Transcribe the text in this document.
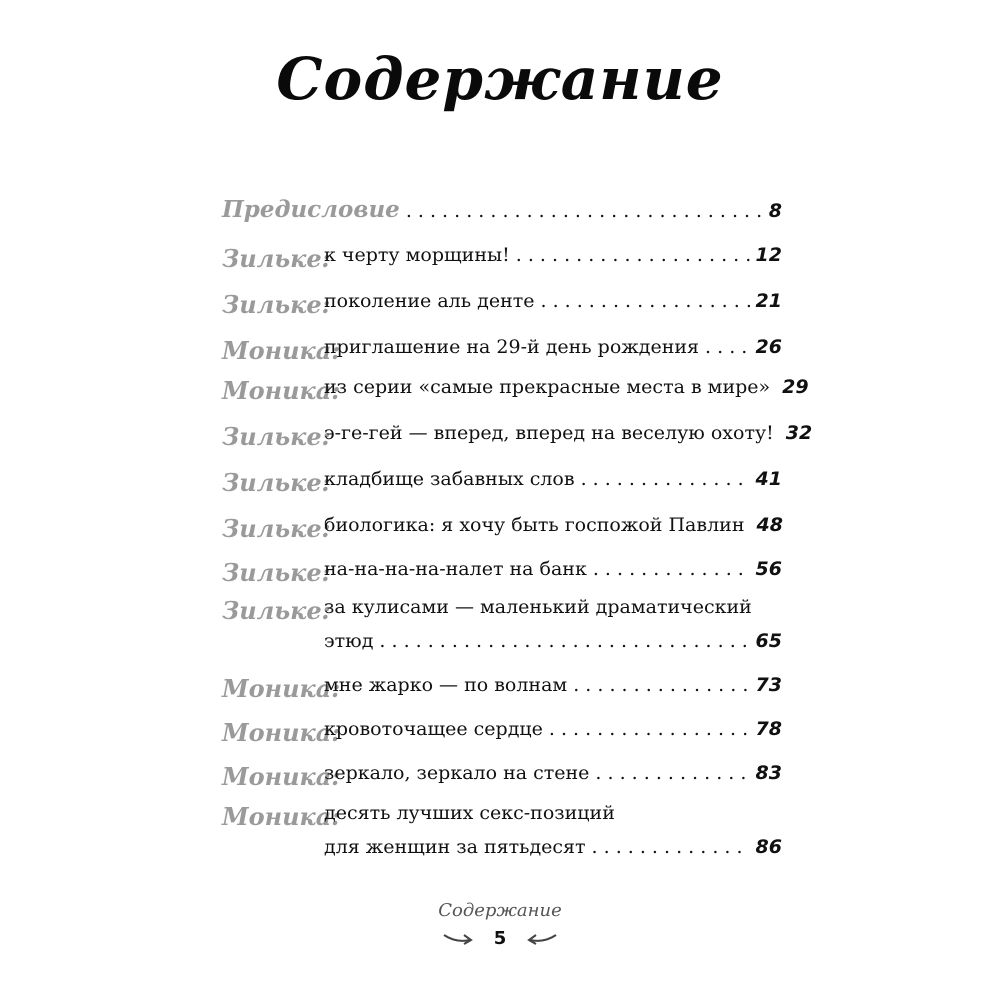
Содержание
Предисловие . . .	8
Зильке:
к черту морщины! . . .	12
Зильке:
поколение аль денте . . .	21
Моника:
приглашение на 29-й день рождения . . .	26
Моника:
из серии «самые прекрасные места в мире» 29
Зильке:
э-ге-гей — вперед, вперед на веселую охоту! 32
Зильке:
кладбище забавных слов . . .	41
Зильке:
биологика: я хочу быть госпожой Павлин 48
Зильке:
на-на-на-на-налет на банк . . .	56
Зильке:
за кулисами — маленький драматический
этюд . . .	65
Моника:
мне жарко — по волнам . . .	73
Моника:
кровоточащее сердце . . .	78
Моника:
зеркало, зеркало на стене . . .	83
Моника:
десять лучших секс-позиций
для женщин за пятьдесят . . .	86
Содержание
5
